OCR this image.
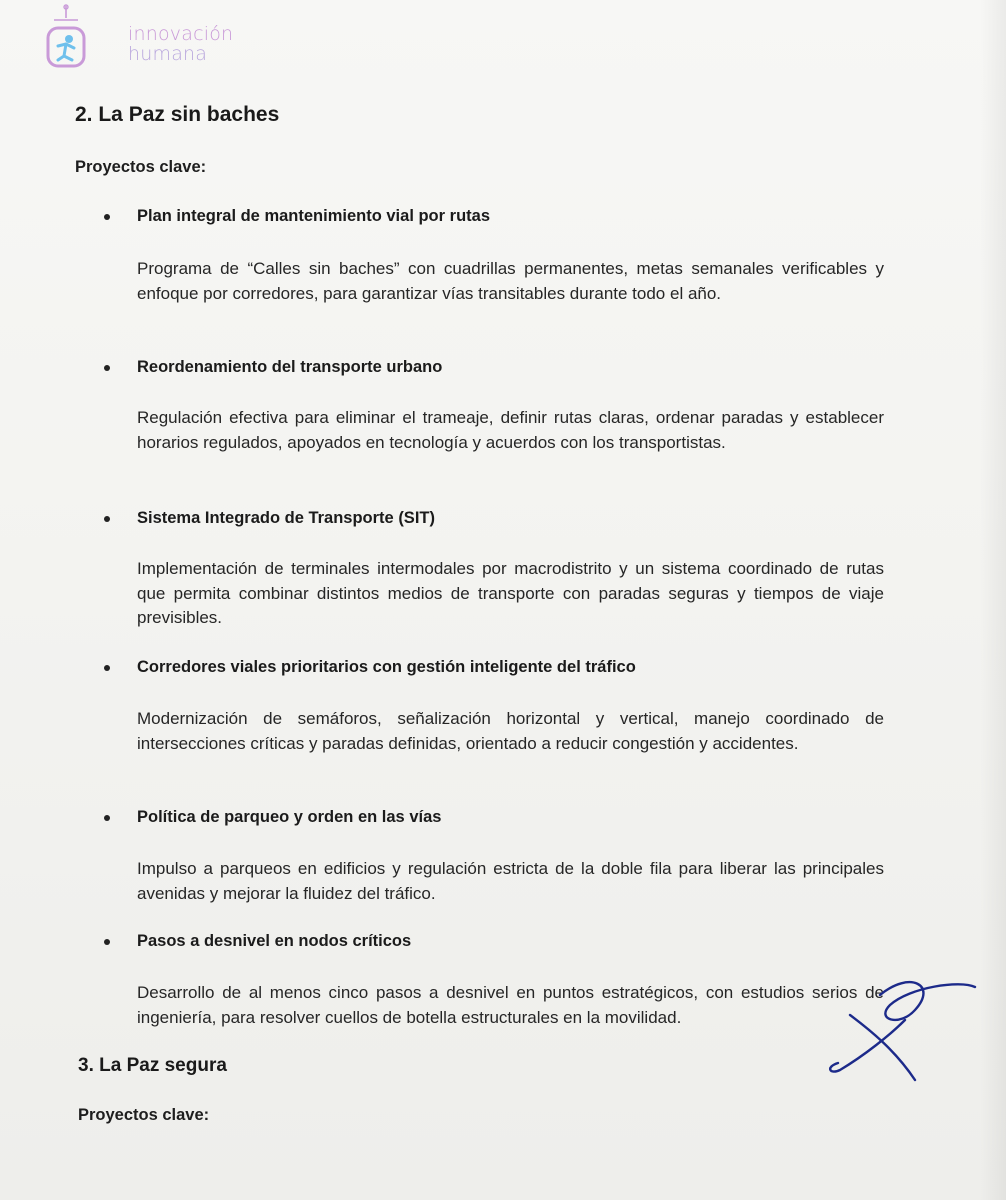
innovación
humana
2. La Paz sin baches
Proyectos clave:
Plan integral de mantenimiento vial por rutas
Programa de “Calles sin baches” con cuadrillas permanentes, metas semanales verificables y enfoque por corredores, para garantizar vías transitables durante todo el año.
Reordenamiento del transporte urbano
Regulación efectiva para eliminar el trameaje, definir rutas claras, ordenar paradas y establecer horarios regulados, apoyados en tecnología y acuerdos con los transportistas.
Sistema Integrado de Transporte (SIT)
Implementación de terminales intermodales por macrodistrito y un sistema coordinado de rutas que permita combinar distintos medios de transporte con paradas seguras y tiempos de viaje previsibles.
Corredores viales prioritarios con gestión inteligente del tráfico
Modernización de semáforos, señalización horizontal y vertical, manejo coordinado de intersecciones críticas y paradas definidas, orientado a reducir congestión y accidentes.
Política de parqueo y orden en las vías
Impulso a parqueos en edificios y regulación estricta de la doble fila para liberar las principales avenidas y mejorar la fluidez del tráfico.
Pasos a desnivel en nodos críticos
Desarrollo de al menos cinco pasos a desnivel en puntos estratégicos, con estudios serios de ingeniería, para resolver cuellos de botella estructurales en la movilidad.
3. La Paz segura
Proyectos clave:
